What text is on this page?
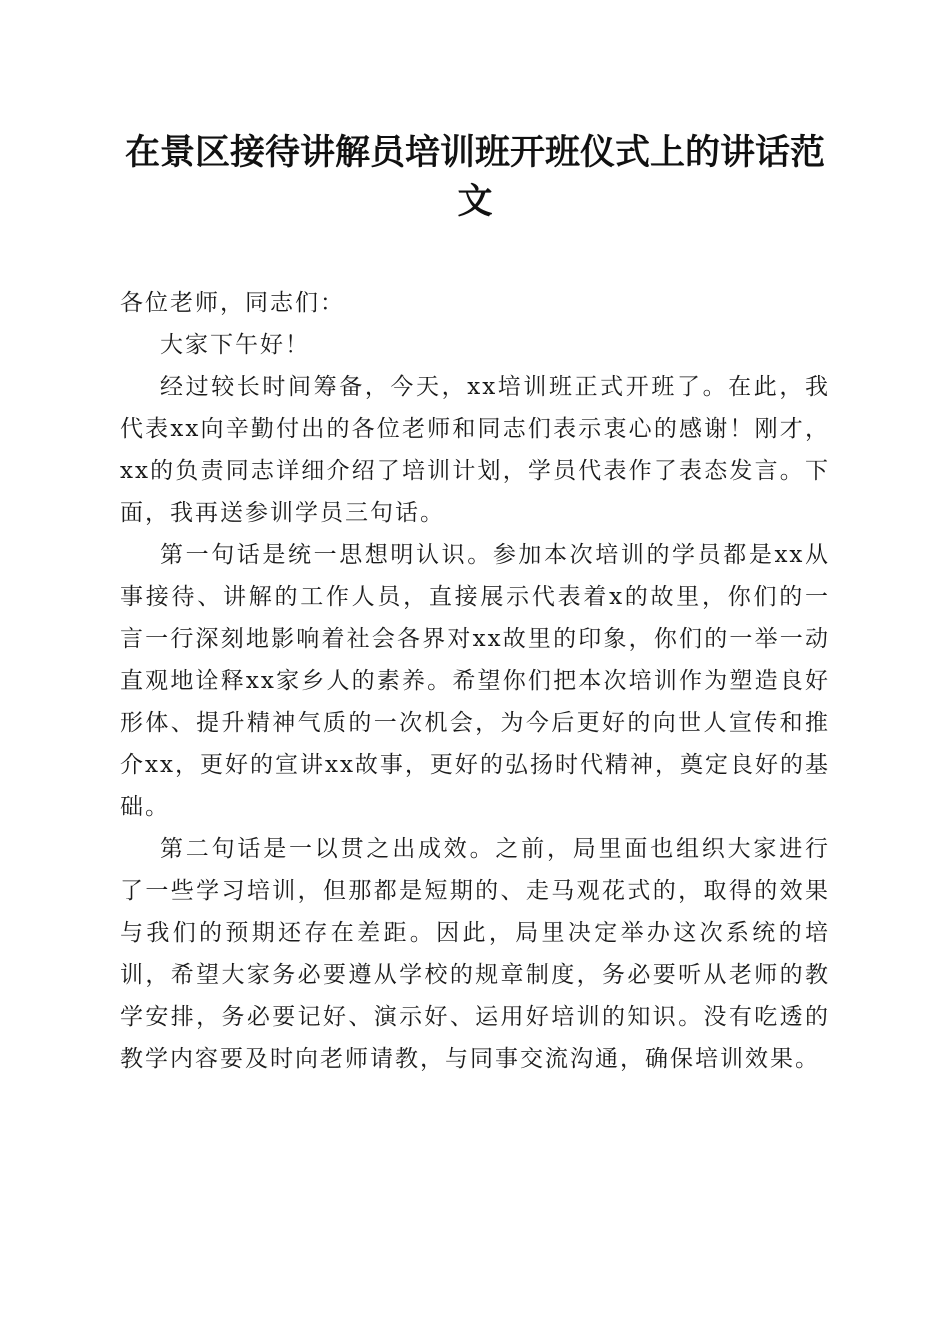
在景区接待讲解员培训班开班仪式上的讲话范文

各位老师，同志们：

大家下午好！

经过较长时间筹备，今天，xx培训班正式开班了。在此，我代表xx向辛勤付出的各位老师和同志们表示衷心的感谢！刚才，xx的负责同志详细介绍了培训计划，学员代表作了表态发言。下面，我再送参训学员三句话。

第一句话是统一思想明认识。参加本次培训的学员都是xx从事接待、讲解的工作人员，直接展示代表着x的故里，你们的一言一行深刻地影响着社会各界对xx故里的印象，你们的一举一动直观地诠释xx家乡人的素养。希望你们把本次培训作为塑造良好形体、提升精神气质的一次机会，为今后更好的向世人宣传和推介xx，更好的宣讲xx故事，更好的弘扬时代精神，奠定良好的基础。

第二句话是一以贯之出成效。之前，局里面也组织大家进行了一些学习培训，但那都是短期的、走马观花式的，取得的效果与我们的预期还存在差距。因此，局里决定举办这次系统的培训，希望大家务必要遵从学校的规章制度，务必要听从老师的教学安排，务必要记好、演示好、运用好培训的知识。没有吃透的教学内容要及时向老师请教，与同事交流沟通，确保培训效果。
